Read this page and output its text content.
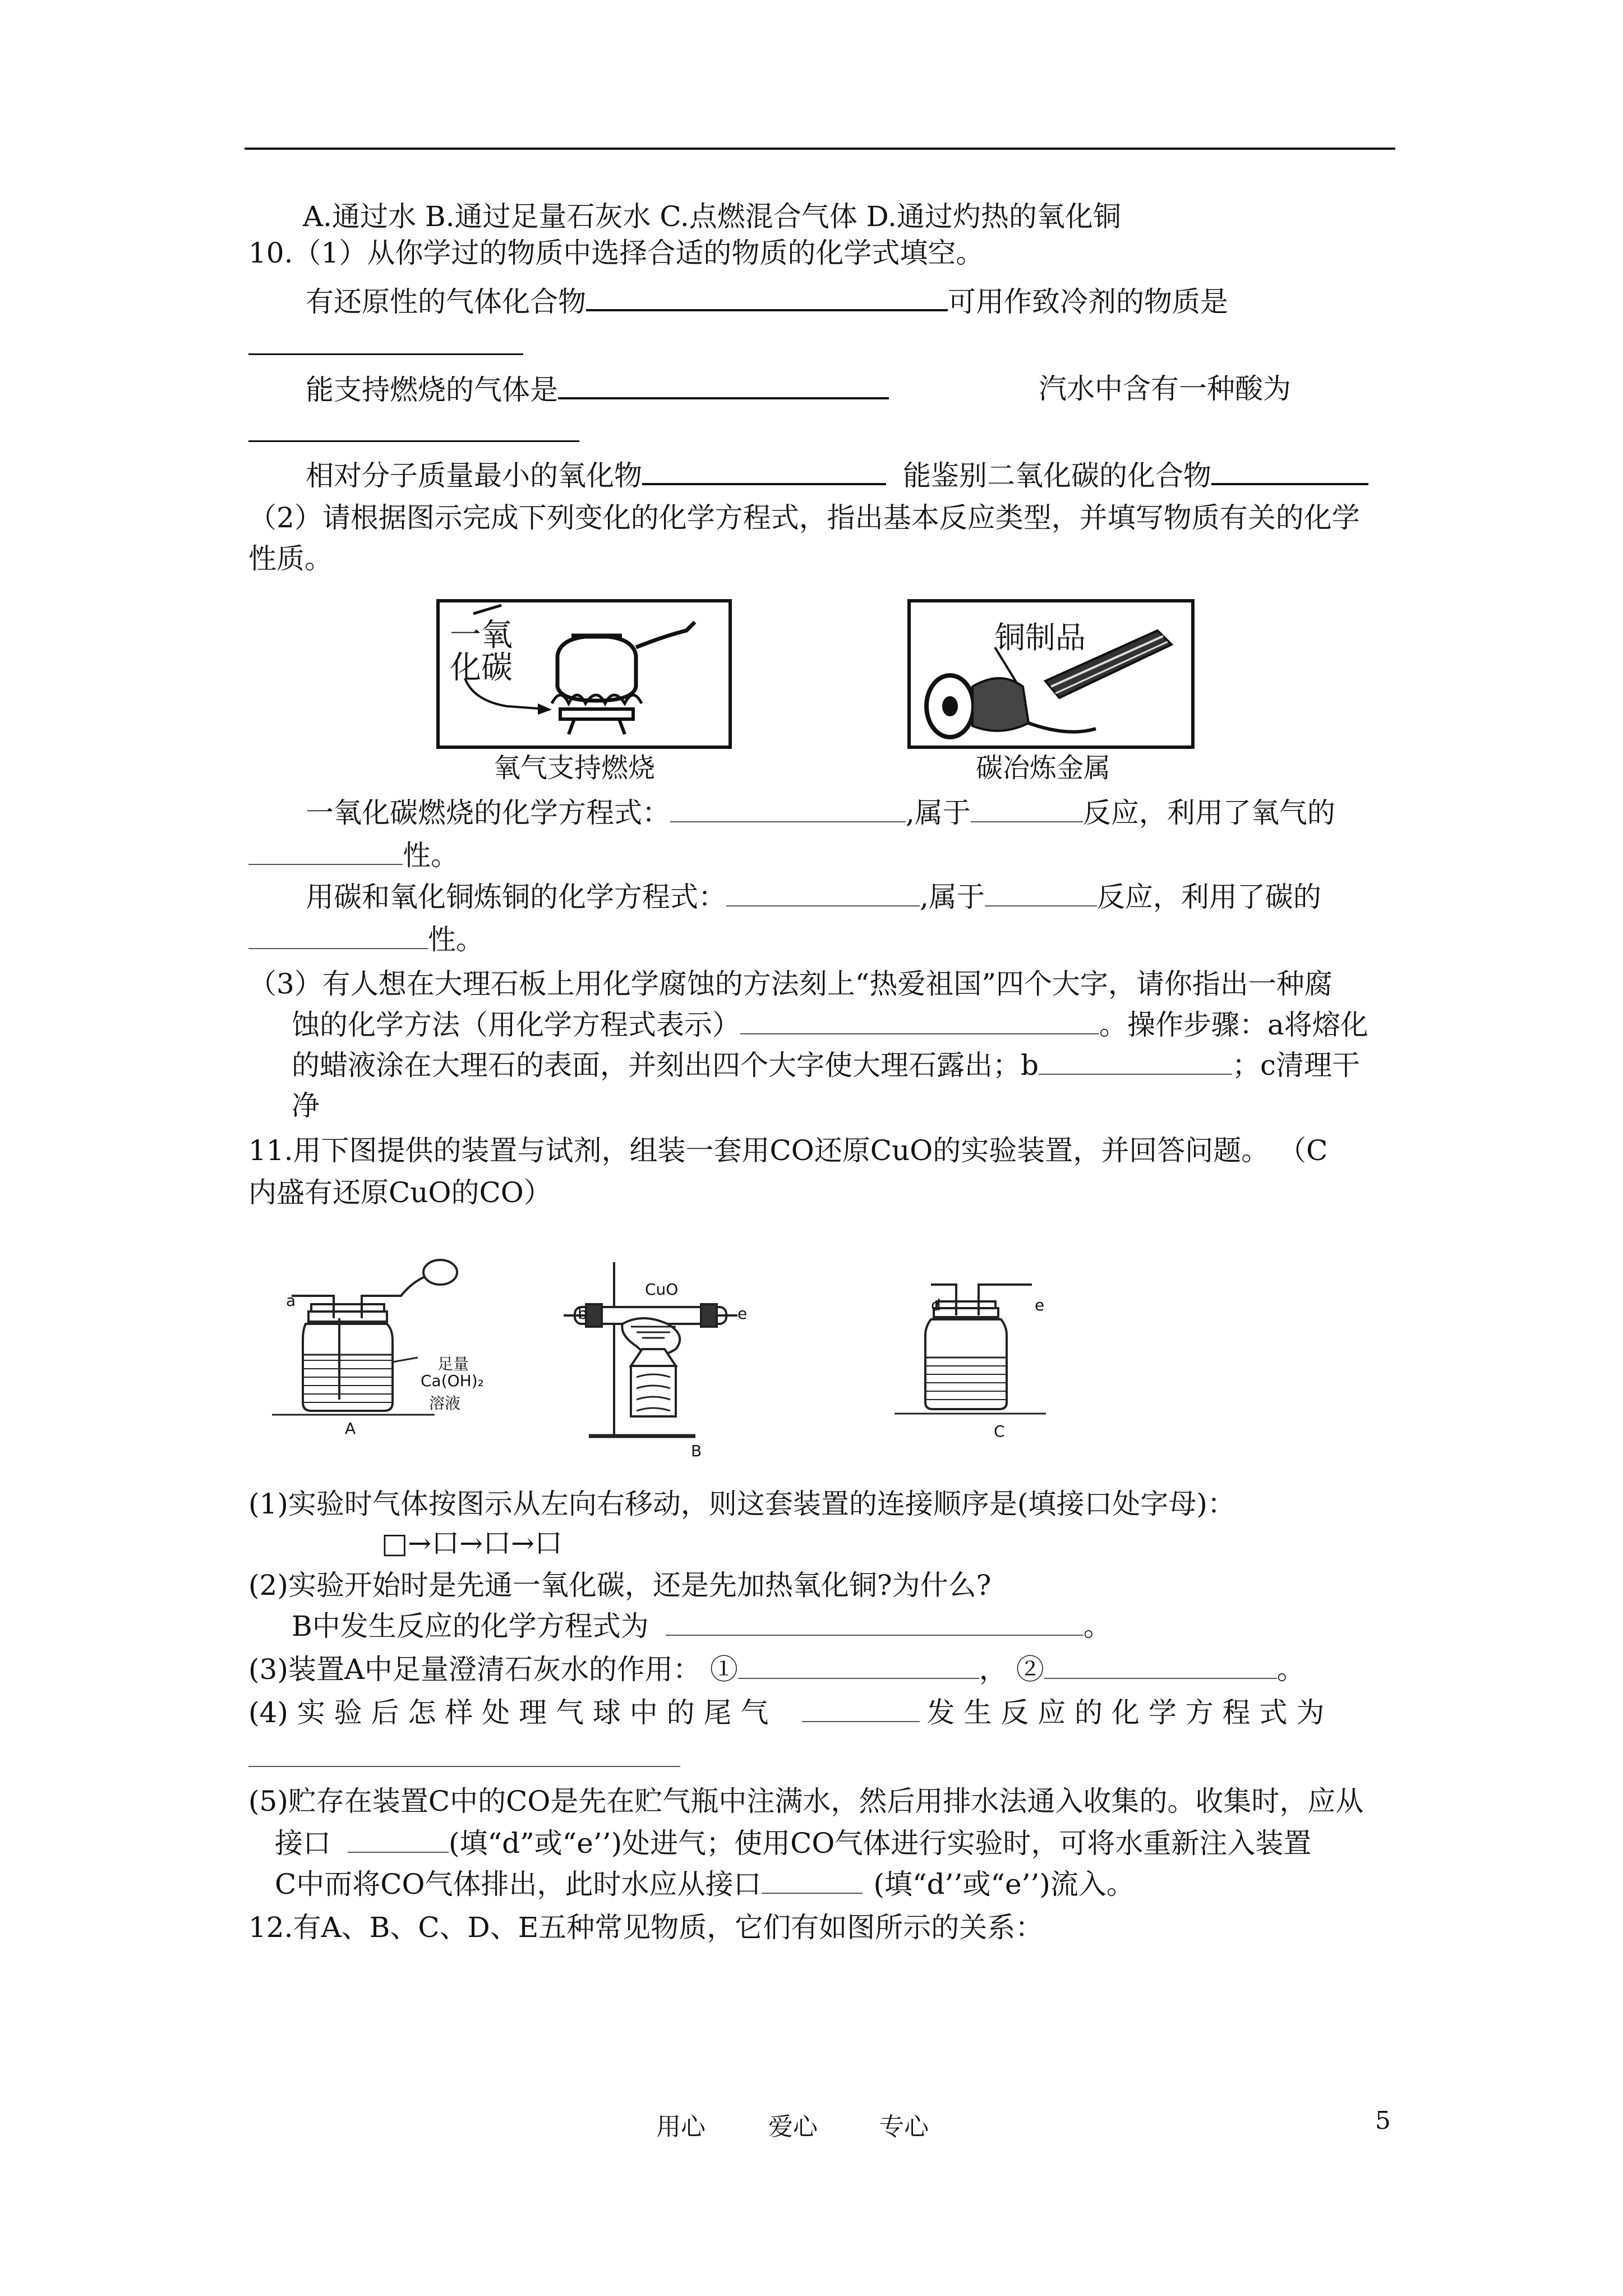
A.通过水 B.通过足量石灰水 C.点燃混合气体 D.通过灼热的氧化铜
10.（1）从你学过的物质中选择合适的物质的化学式填空。
有还原性的气体化合物	可用作致冷剂的物质是
能支持燃烧的气体是	汽水中含有一种酸为
相对分子质量最小的氧化物	能鉴别二氧化碳的化合物
（2）请根据图示完成下列变化的化学方程式，指出基本反应类型，并填写物质有关的化学
性质。
一氧化碳
氧气支持燃烧
铜制品
碳冶炼金属
一氧化碳燃烧的化学方程式：	,属于	反应，利用了氧气的
性。
用碳和氧化铜炼铜的化学方程式：	,属于	反应，利用了碳的
性。
（3）有人想在大理石板上用化学腐蚀的方法刻上“热爱祖国”四个大字，请你指出一种腐
蚀的化学方法（用化学方程式表示）	。操作步骤：a将熔化
的蜡液涂在大理石的表面，并刻出四个大字使大理石露出；b	；c清理干
净
11.用下图提供的装置与试剂，组装一套用CO还原CuO的实验装置，并回答问题。 （C
内盛有还原CuO的CO）
a
足量
Ca(OH)₂
溶液
A
b	e
CuO
B
d	e
C
(1)实验时气体按图示从左向右移动，则这套装置的连接顺序是(填接口处字母)：
□→口→口→口
(2)实验开始时是先通一氧化碳，还是先加热氧化铜?为什么?
B中发生反应的化学方程式为	。
(3)装置A中足量澄清石灰水的作用： ①	， ②	。
(4) 实 验 后 怎 样 处 理 气 球 中 的 尾 气	发 生 反 应 的 化 学 方 程 式 为
(5)贮存在装置C中的CO是先在贮气瓶中注满水，然后用排水法通入收集的。收集时，应从
接口	(填“d”或“e’’)处进气；使用CO气体进行实验时，可将水重新注入装置
C中而将CO气体排出，此时水应从接口	(填“d’’或“e’’)流入。
12.有A、B、C、D、E五种常见物质，它们有如图所示的关系：
用心	爱心	专心	5
